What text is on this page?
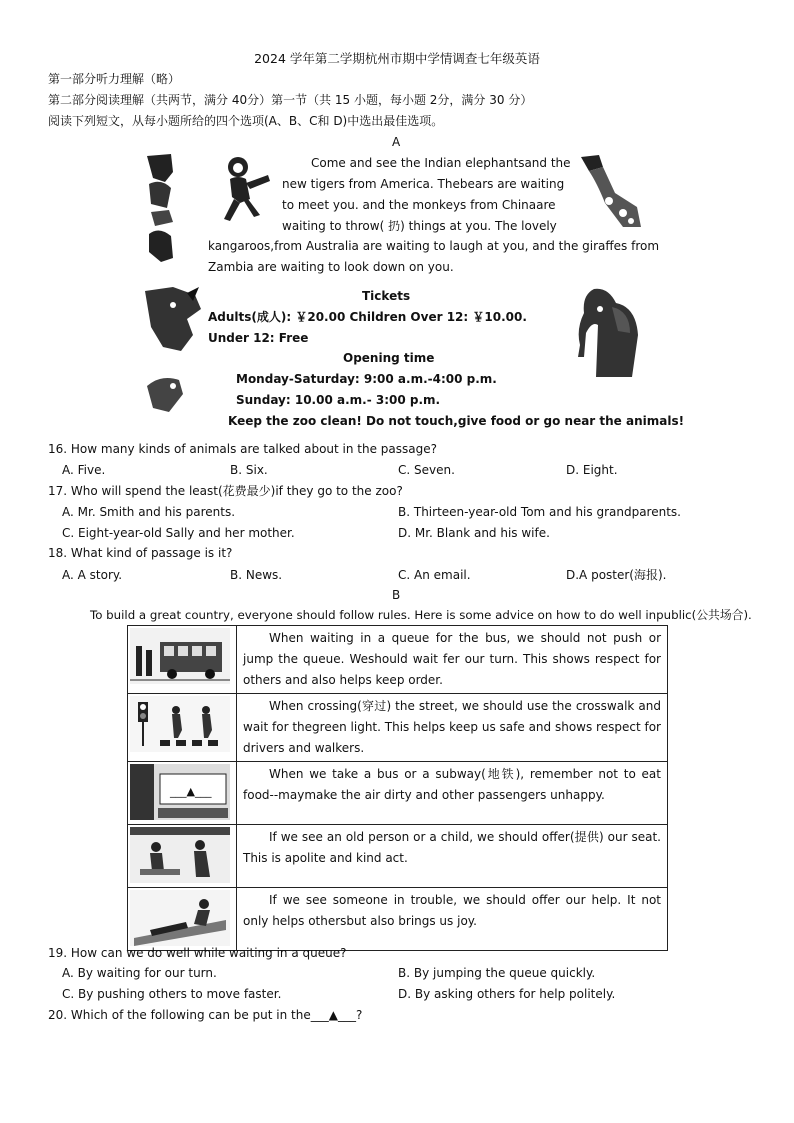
2024 学年第二学期杭州市期中学情调查七年级英语
第一部分听力理解（略）
第二部分阅读理解（共两节，满分 40分）第一节（共 15 小题，每小题 2分，满分 30 分）
阅读下列短文，从每小题所给的四个选项(A、B、C和 D)中选出最佳选项。
A
Come and see the Indian elephantsand the
new tigers from America. Thebears are waiting
to meet you. and the monkeys from Chinaare
waiting to throw( 扔) things at you. The lovely
kangaroos,from Australia are waiting to laugh at you, and the giraffes from
Zambia are waiting to look down on you.
Tickets
Adults(成人): ￥20.00 Children Over 12: ￥10.00.
Under 12: Free
Opening time
Monday-Saturday: 9:00 a.m.-4:00 p.m.
Sunday: 10.00 a.m.- 3:00 p.m.
Keep the zoo clean! Do not touch,give food or go near the animals!
16. How many kinds of animals are talked about in the passage?
A. Five.	B. Six.	C. Seven.	D. Eight.
17. Who will spend the least(花费最少)if they go to the zoo?
A. Mr. Smith and his parents.	B. Thirteen-year-old Tom and his grandparents.
C. Eight-year-old Sally and her mother.	D. Mr. Blank and his wife.
18. What kind of passage is it?
A. A story.	B. News.	C. An email.	D.A poster(海报).
B
To build a great country, everyone should follow rules. Here is some advice on how to do well inpublic(公共场合).
	When waiting in a queue for the bus, we should not push or jump the queue. Weshould wait fer our turn. This shows respect for others and also helps keep order.

	When crossing(穿过) the street, we should use the crosswalk and wait for thegreen light. This helps keep us safe and shows respect for drivers and walkers.

___▲___	When we take a bus or a subway(地铁), remember not to eat food--maymake the air dirty and other passengers unhappy.

	If we see an old person or a child, we should offer(提供) our seat. This is apolite and kind act.

	If we see someone in trouble, we should offer our help. It not only helps othersbut also brings us joy.
19. How can we do well while waiting in a queue?
A. By waiting for our turn.	B. By jumping the queue quickly.
C. By pushing others to move faster.	D. By asking others for help politely.
20. Which of the following can be put in the___▲___?
